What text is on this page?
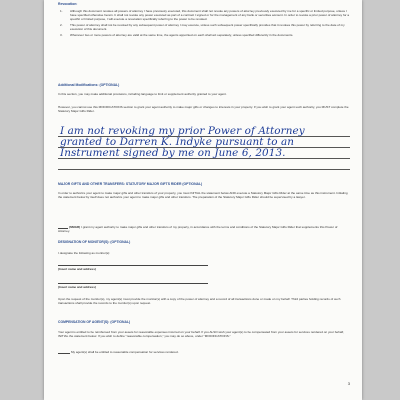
Revocation:

1. Although this document revokes all powers of attorney I have previously executed, this document shall not revoke any powers of attorney previously executed by me for a specific or limited purpose, unless I have specified otherwise herein. It shall not revoke any power executed as part of a contract I signed or for the management of any bank or securities account. In order to revoke a prior power of attorney for a specific or limited purpose, I will execute a revocation specifically referring to the power to be revoked.
2. This power of attorney shall not be revoked by any subsequent power of attorney I may execute, unless such subsequent power specifically provides that it revokes this power by referring to the date of my execution of this document.
3. Whenever two or more powers of attorney are valid at the same time, the agents appointed on each shall act separately, unless specified differently in the documents.

Additional Modifications: (OPTIONAL)

In this section, you may make additional provisions, including language to limit or supplement authority granted to your agent.

However, you cannot use this MODIFICATIONS section to grant your agent authority to make major gifts or changes to interests in your property. If you wish to grant your agent such authority, you MUST complete the Statutory Major Gifts Rider.

I am not revoking my prior Power of Attorney
granted to Darren K. Indyke pursuant to an
Instrument signed by me on June 6, 2013.

MAJOR GIFTS AND OTHER TRANSFERS: STATUTORY MAJOR GIFTS RIDER (OPTIONAL)

In order to authorize your agent to make major gifts and other transfers of your property, you must INITIAL the statement below AND execute a Statutory Major Gifts Rider at the same time as this instrument. Initialing the statement below by itself does not authorize your agent to make major gifts and other transfers. The preparation of the Statutory Major Gifts Rider should be supervised by a lawyer.

(SMGR) I grant my agent authority to make major gifts and other transfers of my property, in accordance with the terms and conditions of the Statutory Major Gifts Rider that supplements this Power of Attorney.

DESIGNATION OF MONITOR(S): (OPTIONAL)

I designate the following as monitor(s):

(Insert name and address)

(Insert name and address)

Upon the request of the monitor(s), my agent(s) must provide the monitor(s) with a copy of the power of attorney and a record of all transactions done or made on my behalf. Third parties holding records of such transactions shall provide the records to the monitor(s) upon request.

COMPENSATION OF AGENT(S): (OPTIONAL)

Your agent is entitled to be reimbursed from your assets for reasonable expenses incurred on your behalf. If you ALSO wish your agent(s) to be compensated from your assets for services rendered on your behalf, INITIAL the statement below. If you wish to define "reasonable compensation," you may do so above, under "MODIFICATIONS."

My agent(s) shall be entitled to reasonable compensation for services rendered.

3
